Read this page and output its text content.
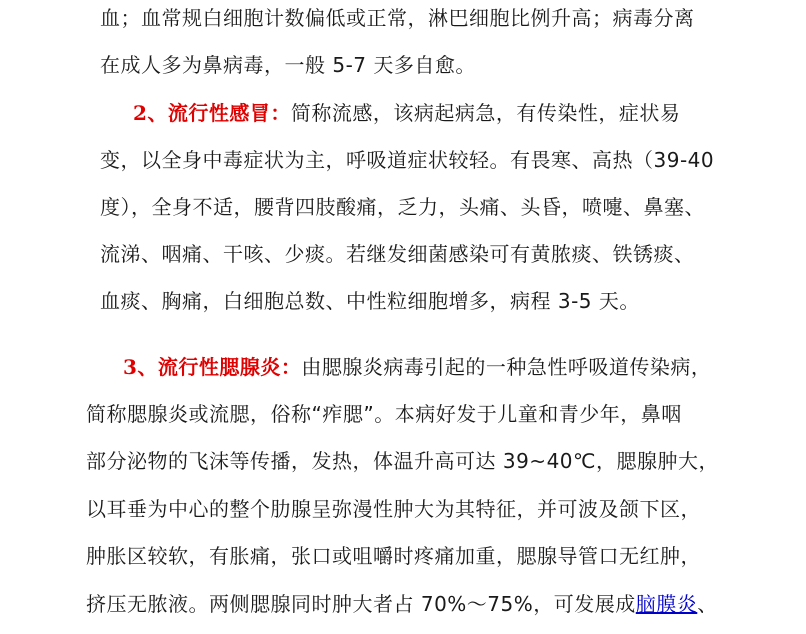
血；血常规白细胞计数偏低或正常，淋巴细胞比例升高；病毒分离
在成人多为鼻病毒，一般 5-7 天多自愈。
2、流行性感冒：简称流感，该病起病急，有传染性，症状易
变，以全身中毒症状为主，呼吸道症状较轻。有畏寒、高热（39-40
度），全身不适，腰背四肢酸痛，乏力，头痛、头昏，喷嚏、鼻塞、
流涕、咽痛、干咳、少痰。若继发细菌感染可有黄脓痰、铁锈痰、
血痰、胸痛，白细胞总数、中性粒细胞增多，病程 3-5 天。
3、流行性腮腺炎：由腮腺炎病毒引起的一种急性呼吸道传染病，
简称腮腺炎或流腮，俗称“痄腮”。本病好发于儿童和青少年，鼻咽
部分泌物的飞沫等传播，发热，体温升高可达 39~40℃，腮腺肿大，
以耳垂为中心的整个肋腺呈弥漫性肿大为其特征，并可波及颌下区，
肿胀区较软，有胀痛，张口或咀嚼时疼痛加重，腮腺导管口无红肿，
挤压无脓液。两侧腮腺同时肿大者占 70%～75%，可发展成脑膜炎、
